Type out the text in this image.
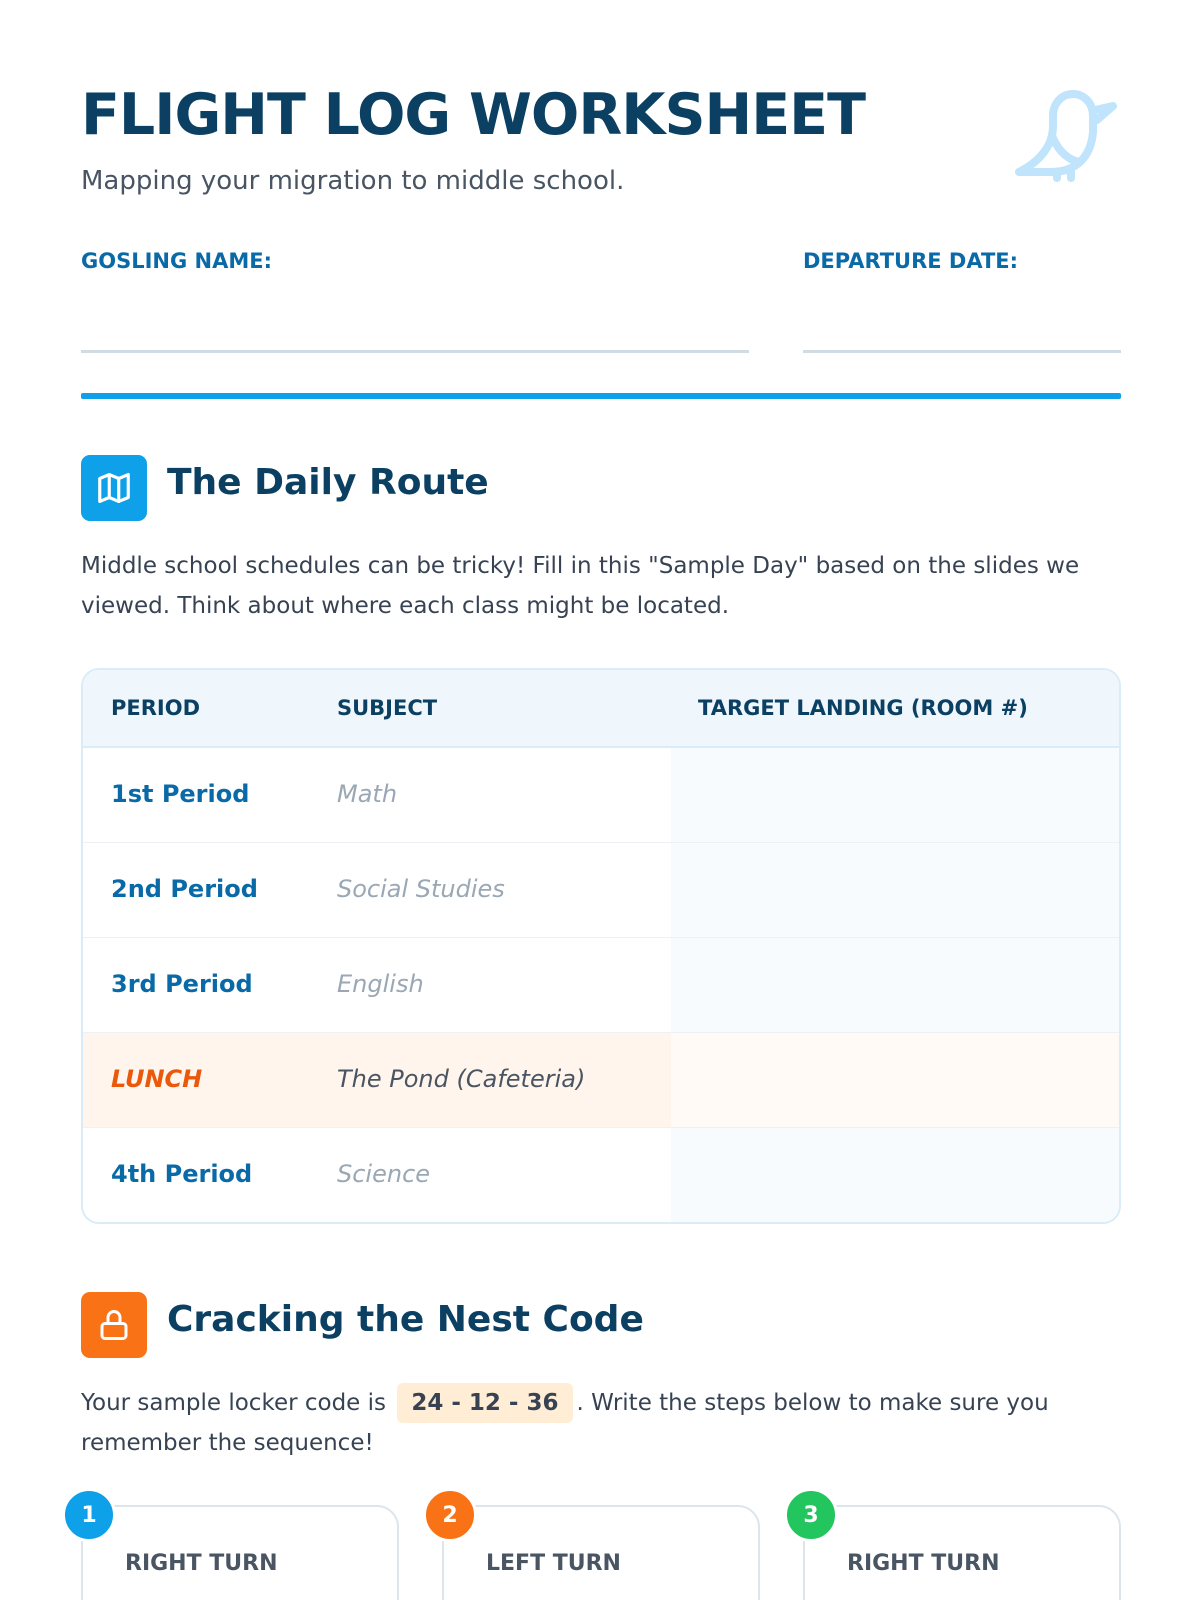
FLIGHT LOG WORKSHEET

Mapping your migration to middle school.

GOSLING NAME:	DEPARTURE DATE:
The Daily Route

Middle school schedules can be tricky! Fill in this "Sample Day" based on the slides we viewed. Think about where each class might be located.

PERIOD	SUBJECT	TARGET LANDING (ROOM #)
1st Period	Math
2nd Period	Social Studies
3rd Period	English
LUNCH	The Pond (Cafeteria)
4th Period	Science
Cracking the Nest Code

Your sample locker code is 24 - 12 - 36 . Write the steps below to make sure you remember the sequence!

RIGHT TURN
1
LEFT TURN
2
RIGHT TURN
3
